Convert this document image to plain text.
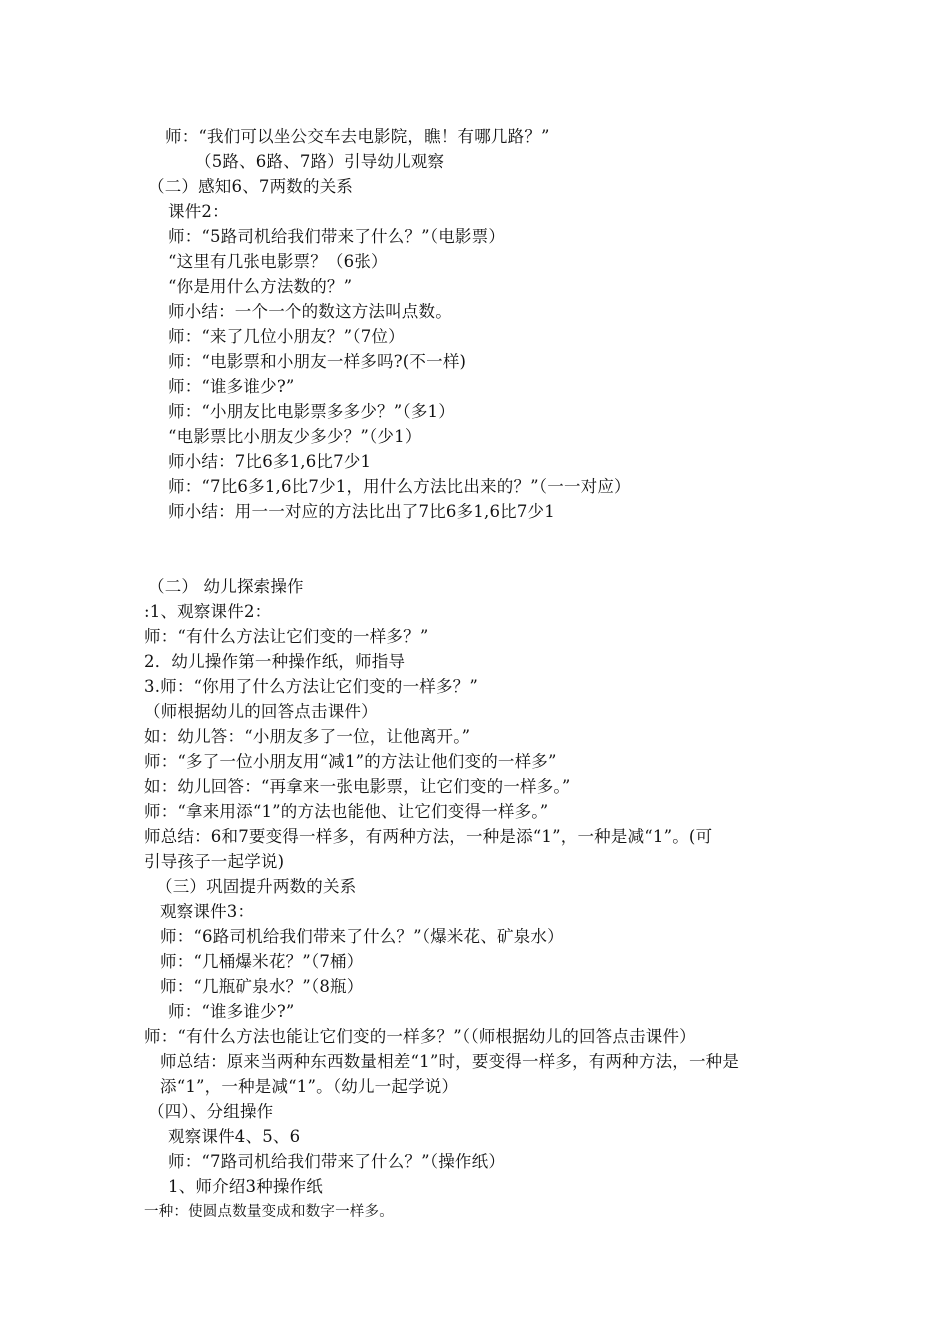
师：“我们可以坐公交车去电影院，瞧！有哪几路？”
（5路、6路、7路）引导幼儿观察
（二）感知6、7两数的关系
课件2：
师：“5路司机给我们带来了什么？”（电影票）
“这里有几张电影票？（6张）
“你是用什么方法数的？”
师小结：一个一个的数这方法叫点数。
师：“来了几位小朋友？”（7位）
师：“电影票和小朋友一样多吗?(不一样)
师：“谁多谁少?”
师：“小朋友比电影票多多少？”（多1）
“电影票比小朋友少多少？”（少1）
师小结：7比6多1,6比7少1
师：“7比6多1,6比7少1，用什么方法比出来的？”（一一对应）
师小结：用一一对应的方法比出了7比6多1,6比7少1
（二） 幼儿探索操作
:1、观察课件2：
师：“有什么方法让它们变的一样多？”
2．幼儿操作第一种操作纸，师指导
3.师：“你用了什么方法让它们变的一样多？”
（师根据幼儿的回答点击课件）
如：幼儿答：“小朋友多了一位，让他离开。”
师：“多了一位小朋友用“减1”的方法让他们变的一样多”
如：幼儿回答：“再拿来一张电影票，让它们变的一样多。”
师：“拿来用添“1”的方法也能他、让它们变得一样多。”
师总结：6和7要变得一样多，有两种方法，一种是添“1”，一种是减“1”。(可
引导孩子一起学说)
（三）巩固提升两数的关系
观察课件3：
师：“6路司机给我们带来了什么？”（爆米花、矿泉水）
师：“几桶爆米花？”（7桶）
师：“几瓶矿泉水？”（8瓶）
师：“谁多谁少?”
师：“有什么方法也能让它们变的一样多？”（（师根据幼儿的回答点击课件）
师总结：原来当两种东西数量相差“1”时，要变得一样多，有两种方法，一种是
添“1”，一种是减“1”。（幼儿一起学说）
（四）、分组操作
观察课件4、5、6
师：“7路司机给我们带来了什么？”（操作纸）
1、师介绍3种操作纸
一种：使圆点数量变成和数字一样多。
